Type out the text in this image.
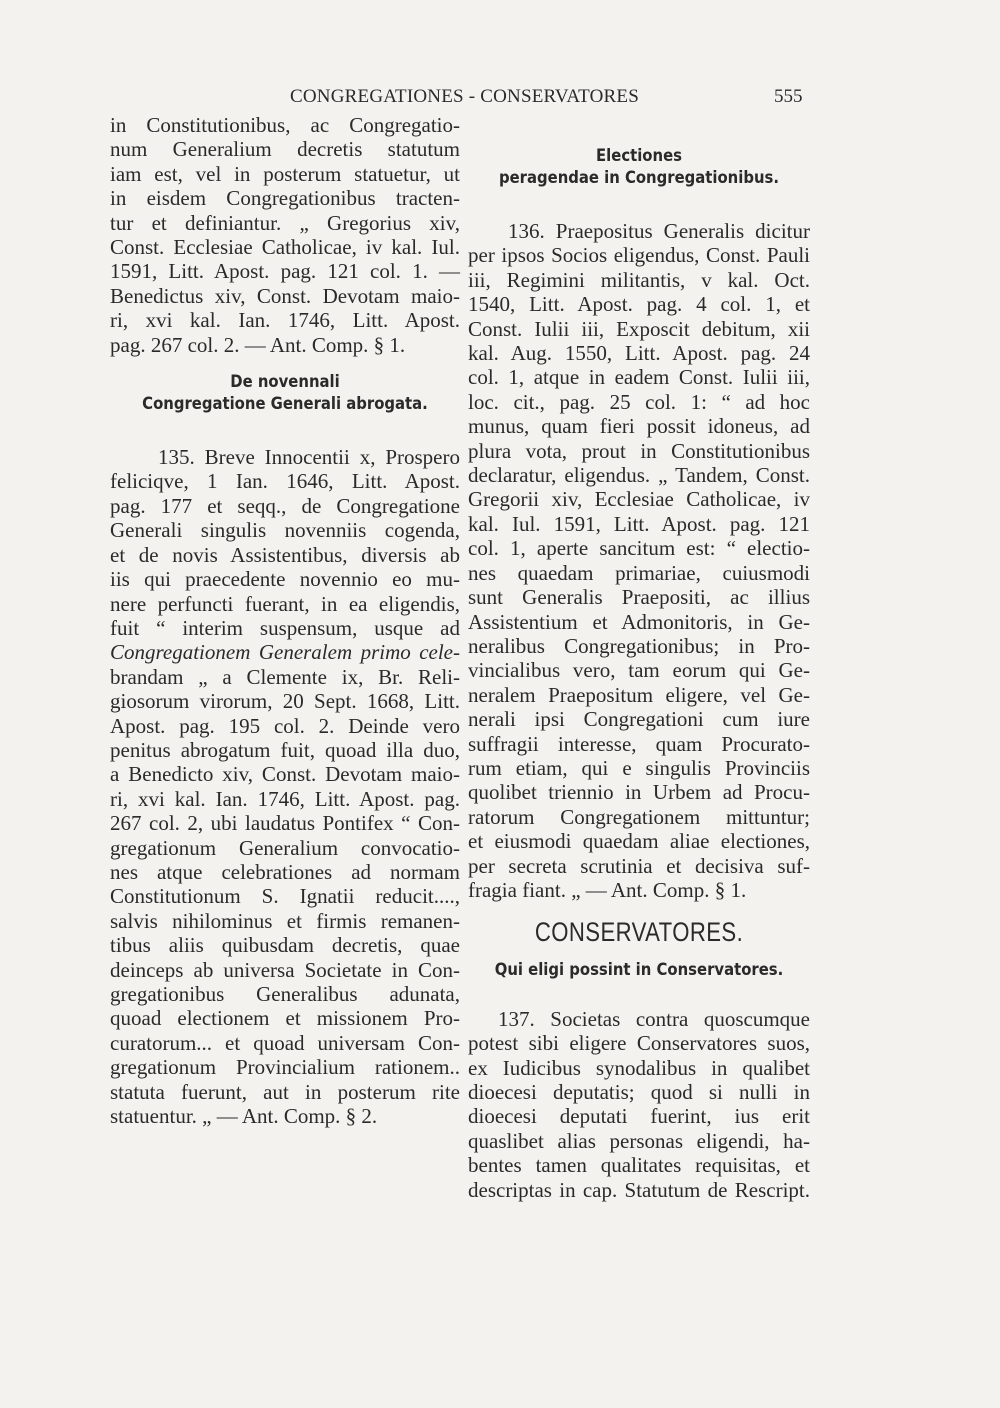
CONGREGATIONES - CONSERVATORES	555
in Constitutionibus, ac Congregatio-
num Generalium decretis statutum
iam est, vel in posterum statuetur, ut
in eisdem Congregationibus tracten-
tur et definiantur. „ Gregorius xiv,
Const. Ecclesiae Catholicae, iv kal. Iul.
1591, Litt. Apost. pag. 121 col. 1. —
Benedictus xiv, Const. Devotam maio-
ri, xvi kal. Ian. 1746, Litt. Apost.
pag. 267 col. 2. — Ant. Comp. § 1.

De novennali

Congregatione Generali abrogata.

135. Breve Innocentii x, Prospero
feliciqve, 1 Ian. 1646, Litt. Apost.
pag. 177 et seqq., de Congregatione
Generali singulis novenniis cogenda,
et de novis Assistentibus, diversis ab
iis qui praecedente novennio eo mu-
nere perfuncti fuerant, in ea eligendis,
fuit “ interim suspensum, usque ad
Congregationem Generalem primo cele-
brandam „ a Clemente ix, Br. Reli-
giosorum virorum, 20 Sept. 1668, Litt.
Apost. pag. 195 col. 2. Deinde vero
penitus abrogatum fuit, quoad illa duo,
a Benedicto xiv, Const. Devotam maio-
ri, xvi kal. Ian. 1746, Litt. Apost. pag.
267 col. 2, ubi laudatus Pontifex “ Con-
gregationum Generalium convocatio-
nes atque celebrationes ad normam
Constitutionum S. Ignatii reducit....,
salvis nihilominus et firmis remanen-
tibus aliis quibusdam decretis, quae
deinceps ab universa Societate in Con-
gregationibus Generalibus adunata,
quoad electionem et missionem Pro-
curatorum... et quoad universam Con-
gregationum Provincialium rationem..
statuta fuerunt, aut in posterum rite
statuentur. „ — Ant. Comp. § 2.

Electiones

peragendae in Congregationibus.

136. Praepositus Generalis dicitur
per ipsos Socios eligendus, Const. Pauli
iii, Regimini militantis, v kal. Oct.
1540, Litt. Apost. pag. 4 col. 1, et
Const. Iulii iii, Exposcit debitum, xii
kal. Aug. 1550, Litt. Apost. pag. 24
col. 1, atque in eadem Const. Iulii iii,
loc. cit., pag. 25 col. 1: “ ad hoc
munus, quam fieri possit idoneus, ad
plura vota, prout in Constitutionibus
declaratur, eligendus. „ Tandem, Const.
Gregorii xiv, Ecclesiae Catholicae, iv
kal. Iul. 1591, Litt. Apost. pag. 121
col. 1, aperte sancitum est: “ electio-
nes quaedam primariae, cuiusmodi
sunt Generalis Praepositi, ac illius
Assistentium et Admonitoris, in Ge-
neralibus Congregationibus; in Pro-
vincialibus vero, tam eorum qui Ge-
neralem Praepositum eligere, vel Ge-
nerali ipsi Congregationi cum iure
suffragii interesse, quam Procurato-
rum etiam, qui e singulis Provinciis
quolibet triennio in Urbem ad Procu-
ratorum Congregationem mittuntur;
et eiusmodi quaedam aliae electiones,
per secreta scrutinia et decisiva suf-
fragia fiant. „ — Ant. Comp. § 1.

CONSERVATORES.

Qui eligi possint in Conservatores.

137. Societas contra quoscumque
potest sibi eligere Conservatores suos,
ex Iudicibus synodalibus in qualibet
dioecesi deputatis; quod si nulli in
dioecesi deputati fuerint, ius erit
quaslibet alias personas eligendi, ha-
bentes tamen qualitates requisitas, et
descriptas in cap. Statutum de Rescript.
